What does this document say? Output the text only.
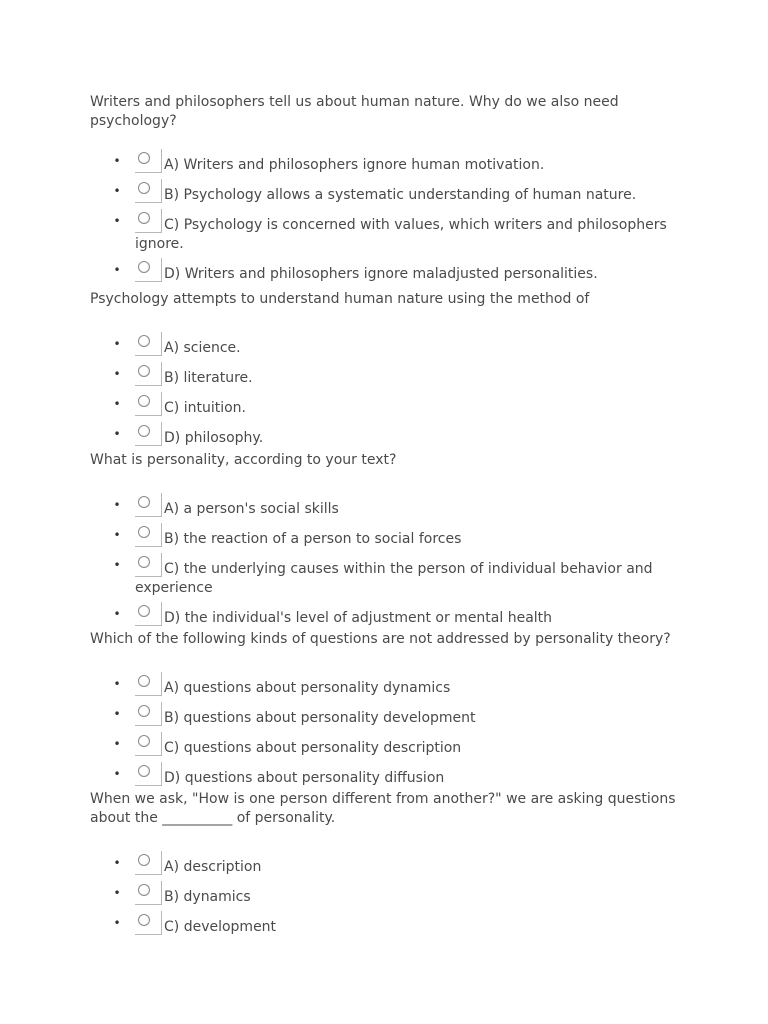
Writers and philosophers tell us about human nature. Why do we also need psychology?

•	A) Writers and philosophers ignore human motivation.
•	B) Psychology allows a systematic understanding of human nature.
•	C) Psychology is concerned with values, which writers and philosophers ignore.
•	D) Writers and philosophers ignore maladjusted personalities.

Psychology attempts to understand human nature using the method of

•	A) science.
•	B) literature.
•	C) intuition.
•	D) philosophy.

What is personality, according to your text?

•	A) a person's social skills
•	B) the reaction of a person to social forces
•	C) the underlying causes within the person of individual behavior and experience
•	D) the individual's level of adjustment or mental health

Which of the following kinds of questions are not addressed by personality theory?

•	A) questions about personality dynamics
•	B) questions about personality development
•	C) questions about personality description
•	D) questions about personality diffusion

When we ask, "How is one person different from another?" we are asking questions about the __________ of personality.

•	A) description
•	B) dynamics
•	C) development
